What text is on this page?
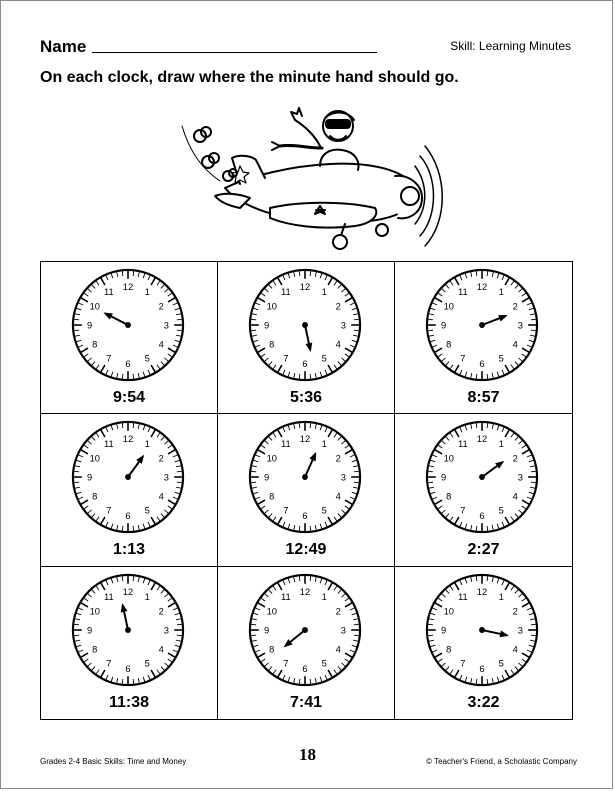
Name	Skill: Learning Minutes
On each clock, draw where the minute hand should go.
12
1
2
3
4
5
6
7
8
9
10
11
9:54
12
1
2
3
4
5
6
7
8
9
10
11
5:36
12
1
2
3
4
5
6
7
8
9
10
11
8:57
12
1
2
3
4
5
6
7
8
9
10
11
1:13
12
1
2
3
4
5
6
7
8
9
10
11
12:49
12
1
2
3
4
5
6
7
8
9
10
11
2:27
12
1
2
3
4
5
6
7
8
9
10
11
11:38
12
1
2
3
4
5
6
7
8
9
10
11
7:41
12
1
2
3
4
5
6
7
8
9
10
11
3:22
18
Grades 2-4 Basic Skills: Time and Money	© Teacher's Friend, a Scholastic Company
